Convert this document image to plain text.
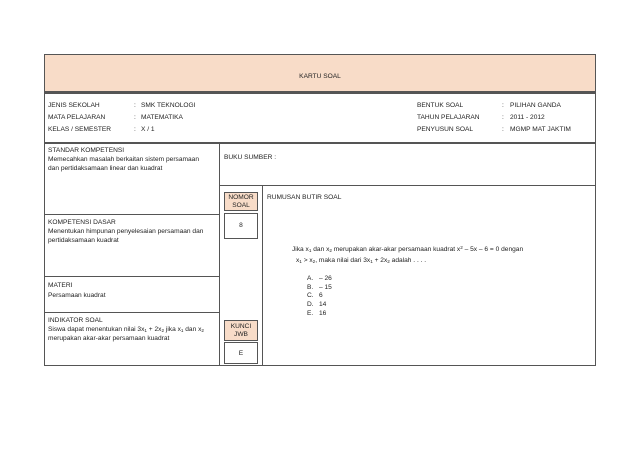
KARTU SOAL
JENIS SEKOLAH	: SMK TEKNOLOGI
MATA PELAJARAN	: MATEMATIKA
KELAS / SEMESTER	: X / 1
BENTUK SOAL	: PILIHAN GANDA
TAHUN PELAJARAN	: 2011 - 2012
PENYUSUN SOAL	: MGMP MAT JAKTIM
STANDAR KOMPETENSI
Memecahkan masalah berkaitan sistem persamaan dan pertidaksamaan linear dan kuadrat
KOMPETENSI DASAR
Menentukan himpunan penyelesaian persamaan dan pertidaksamaan kuadrat
MATERI
Persamaan kuadrat
INDIKATOR SOAL
Siswa dapat menentukan nilai $3x_1 + 2x_2$ jika $x_1$ dan $x_2$ merupakan akar-akar persamaan kuadrat
BUKU SUMBER :
NOMOR
SOAL
8
KUNCI
JWB
E
RUMUSAN BUTIR SOAL
Jika $x_1$ dan $x_2$ merupakan akar-akar persamaan kuadrat $x^2 - 5x - 6 = 0$ dengan
$x_1 > x_2$, maka nilai dari $3x_1 + 2x_2$ adalah . . . .
A. – 26
B. – 15
C. 6
D. 14
E. 16
